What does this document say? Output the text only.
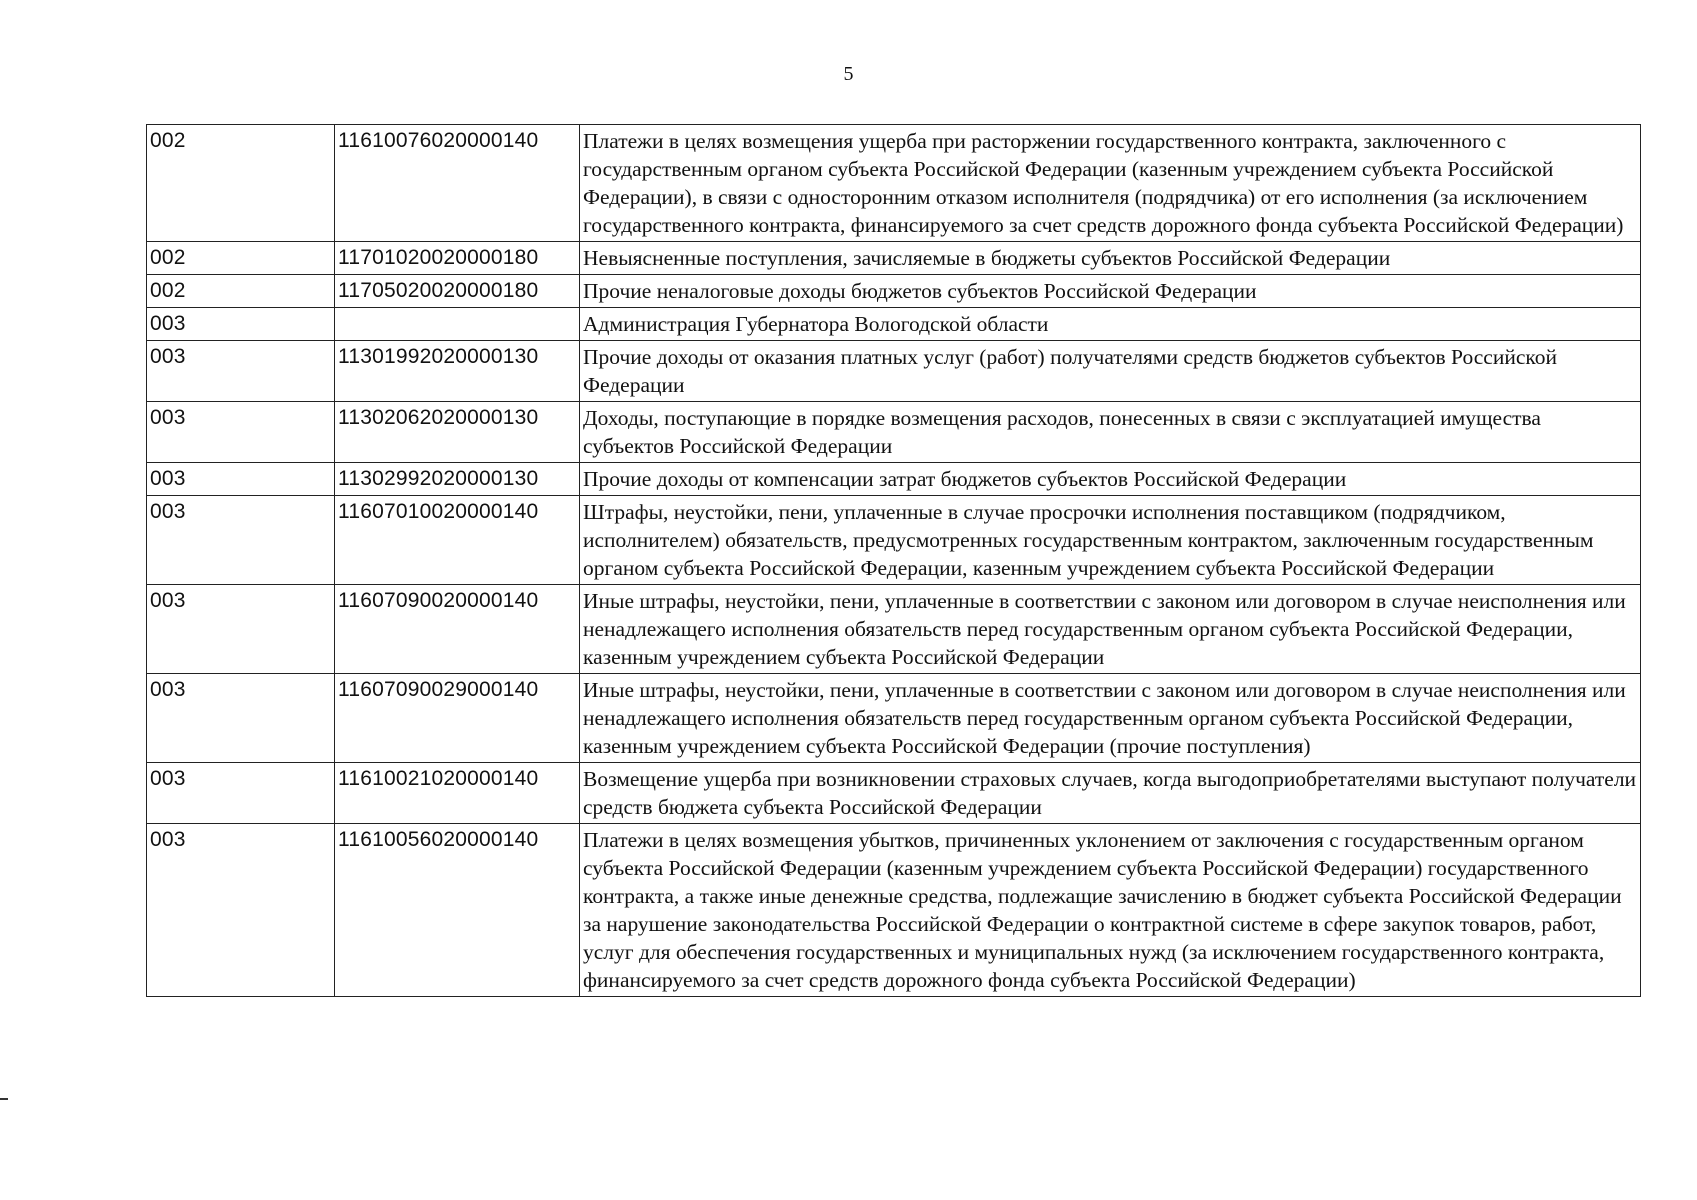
5
002	11610076020000140	Платежи в целях возмещения ущерба при расторжении государственного контракта, заключенного с государственным органом субъекта Российской Федерации (казенным учреждением субъекта Российской Федерации), в связи с односторонним отказом исполнителя (подрядчика) от его исполнения (за исключением государственного контракта, финансируемого за счет средств дорожного фонда субъекта Российской Федерации)
002	11701020020000180	Невыясненные поступления, зачисляемые в бюджеты субъектов Российской Федерации
002	11705020020000180	Прочие неналоговые доходы бюджетов субъектов Российской Федерации
003		Администрация Губернатора Вологодской области
003	11301992020000130	Прочие доходы от оказания платных услуг (работ) получателями средств бюджетов субъектов Российской Федерации
003	11302062020000130	Доходы, поступающие в порядке возмещения расходов, понесенных в связи с эксплуатацией имущества субъектов Российской Федерации
003	11302992020000130	Прочие доходы от компенсации затрат бюджетов субъектов Российской Федерации
003	11607010020000140	Штрафы, неустойки, пени, уплаченные в случае просрочки исполнения поставщиком (подрядчиком, исполнителем) обязательств, предусмотренных государственным контрактом, заключенным государственным органом субъекта Российской Федерации, казенным учреждением субъекта Российской Федерации
003	11607090020000140	Иные штрафы, неустойки, пени, уплаченные в соответствии с законом или договором в случае неисполнения или ненадлежащего исполнения обязательств перед государственным органом субъекта Российской Федерации, казенным учреждением субъекта Российской Федерации
003	11607090029000140	Иные штрафы, неустойки, пени, уплаченные в соответствии с законом или договором в случае неисполнения или ненадлежащего исполнения обязательств перед государственным органом субъекта Российской Федерации, казенным учреждением субъекта Российской Федерации (прочие поступления)
003	11610021020000140	Возмещение ущерба при возникновении страховых случаев, когда выгодоприобретателями выступают получатели средств бюджета субъекта Российской Федерации
003	11610056020000140	Платежи в целях возмещения убытков, причиненных уклонением от заключения с государственным органом субъекта Российской Федерации (казенным учреждением субъекта Российской Федерации) государственного контракта, а также иные денежные средства, подлежащие зачислению в бюджет субъекта Российской Федерации за нарушение законодательства Российской Федерации о контрактной системе в сфере закупок товаров, работ, услуг для обеспечения государственных и муниципальных нужд (за исключением государственного контракта, финансируемого за счет средств дорожного фонда субъекта Российской Федерации)
